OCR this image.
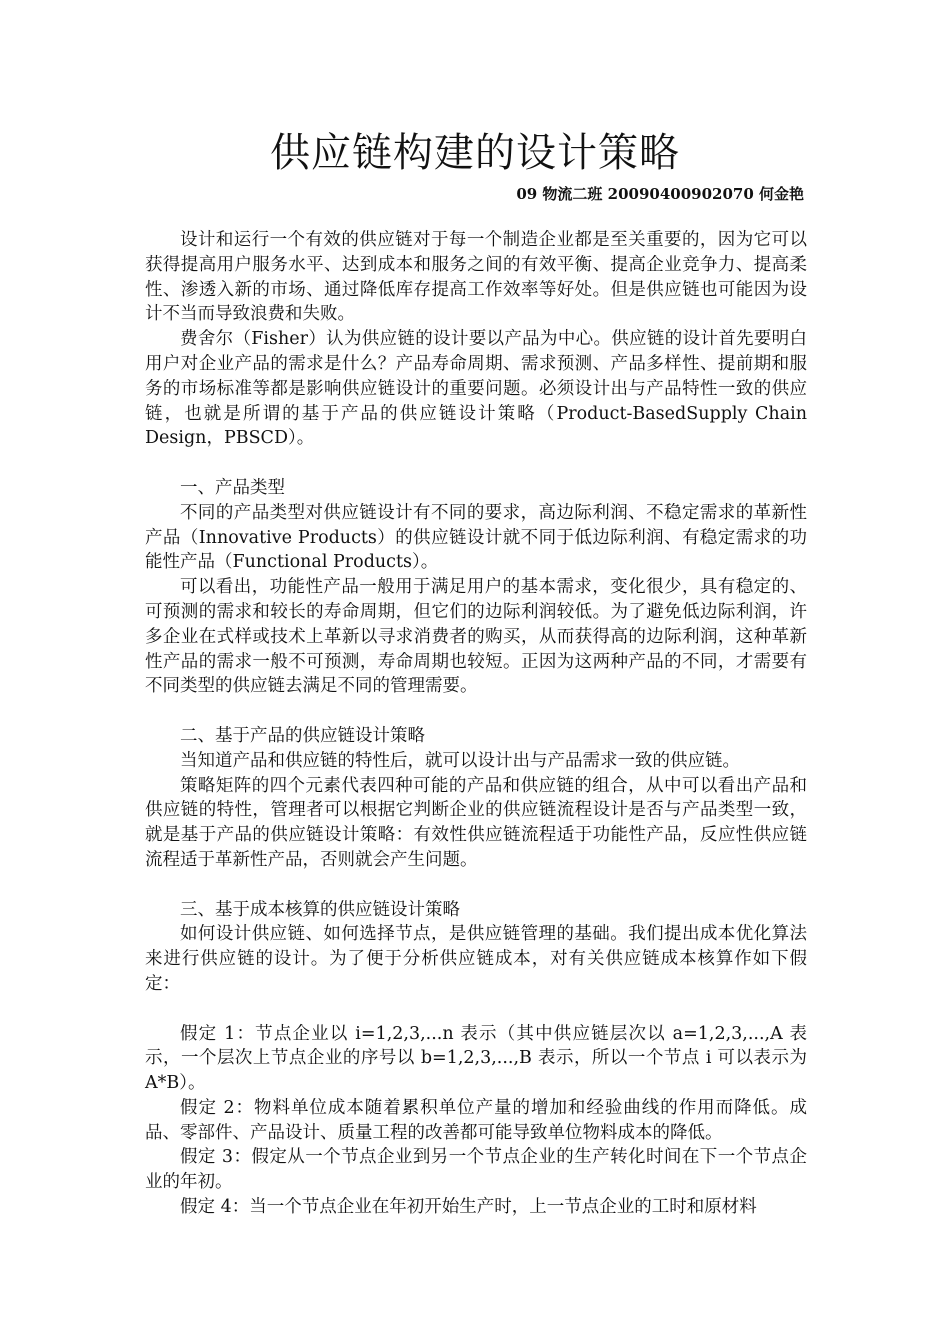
供应链构建的设计策略
09 物流二班 20090400902070 何金艳

设计和运行一个有效的供应链对于每一个制造企业都是至关重要的，因为它可以获得提高用户服务水平、达到成本和服务之间的有效平衡、提高企业竞争力、提高柔性、渗透入新的市场、通过降低库存提高工作效率等好处。但是供应链也可能因为设计不当而导致浪费和失败。

费舍尔（Fisher）认为供应链的设计要以产品为中心。供应链的设计首先要明白用户对企业产品的需求是什么？产品寿命周期、需求预测、产品多样性、提前期和服务的市场标准等都是影响供应链设计的重要问题。必须设计出与产品特性一致的供应链，也就是所谓的基于产品的供应链设计策略（Product-BasedSupply Chain Design，PBSCD）。

一、产品类型

不同的产品类型对供应链设计有不同的要求，高边际利润、不稳定需求的革新性产品（Innovative Products）的供应链设计就不同于低边际利润、有稳定需求的功能性产品（Functional Products）。

可以看出，功能性产品一般用于满足用户的基本需求，变化很少，具有稳定的、可预测的需求和较长的寿命周期，但它们的边际利润较低。为了避免低边际利润，许多企业在式样或技术上革新以寻求消费者的购买，从而获得高的边际利润，这种革新性产品的需求一般不可预测，寿命周期也较短。正因为这两种产品的不同，才需要有不同类型的供应链去满足不同的管理需要。

二、基于产品的供应链设计策略

当知道产品和供应链的特性后，就可以设计出与产品需求一致的供应链。

策略矩阵的四个元素代表四种可能的产品和供应链的组合，从中可以看出产品和供应链的特性，管理者可以根据它判断企业的供应链流程设计是否与产品类型一致，就是基于产品的供应链设计策略：有效性供应链流程适于功能性产品，反应性供应链流程适于革新性产品，否则就会产生问题。

三、基于成本核算的供应链设计策略

如何设计供应链、如何选择节点，是供应链管理的基础。我们提出成本优化算法来进行供应链的设计。为了便于分析供应链成本，对有关供应链成本核算作如下假定：

假定 1：节点企业以 i=1,2,3,...n 表示（其中供应链层次以 a=1,2,3,...,A 表示，一个层次上节点企业的序号以 b=1,2,3,...,B 表示，所以一个节点 i 可以表示为A*B）。

假定 2：物料单位成本随着累积单位产量的增加和经验曲线的作用而降低。成品、零部件、产品设计、质量工程的改善都可能导致单位物料成本的降低。

假定 3：假定从一个节点企业到另一个节点企业的生产转化时间在下一个节点企业的年初。

假定 4：当一个节点企业在年初开始生产时，上一节点企业的工时和原材料
